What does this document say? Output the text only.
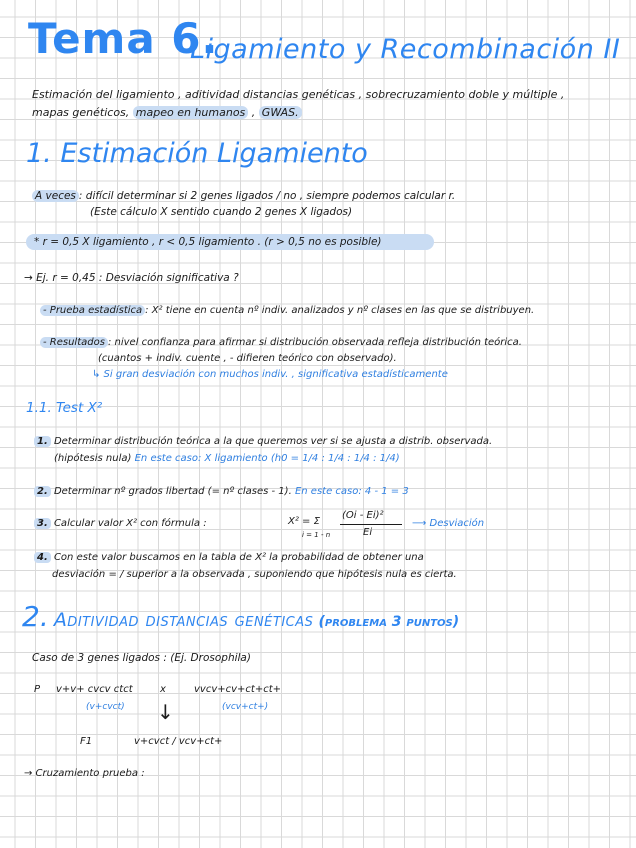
Tema 6.
Ligamiento y Recombinación II
Estimación del ligamiento , aditividad distancias genéticas , sobrecruzamiento doble y múltiple ,
mapas genéticos, mapeo en humanos , GWAS.
1. Estimación Ligamiento
A veces : difícil determinar si 2 genes ligados / no , siempre podemos calcular r.
(Este cálculo X sentido cuando 2 genes X ligados)
* r = 0,5 X ligamiento , r < 0,5 ligamiento . (r > 0,5 no es posible)
→ Ej. r = 0,45 : Desviación significativa ?
- Prueba estadística : X² tiene en cuenta nº indiv. analizados y nº clases en las que se distribuyen.
- Resultados : nivel confianza para afirmar si distribución observada refleja distribución teórica.
(cuantos + indiv. cuente , - difieren teórico con observado).
↳ Si gran desviación con muchos indiv. , significativa estadísticamente
1.1. Test X²
1. Determinar distribución teórica a la que queremos ver si se ajusta a distrib. observada.
(hipótesis nula) En este caso: X ligamiento (h0 = 1/4 : 1/4 : 1/4 : 1/4)
2. Determinar nº grados libertad (= nº clases - 1). En este caso: 4 - 1 = 3
3. Calcular valor X² con fórmula :	X² = Σ
i = 1 - n
(Oi - Ei)²
Ei
⟶ Desviación
4. Con este valor buscamos en la tabla de X² la probabilidad de obtener una
desviación = / superior a la observada , suponiendo que hipótesis nula es cierta.
2. Aditividad distancias genéticas (problema 3 puntos)
Caso de 3 genes ligados : (Ej. Drosophila)
P v+v+ cvcv ctct	x	vvcv+cv+ct+ct+
(v+cvct)	(vcv+ct+)
↓
F1	v+cvct / vcv+ct+
→ Cruzamiento prueba :
